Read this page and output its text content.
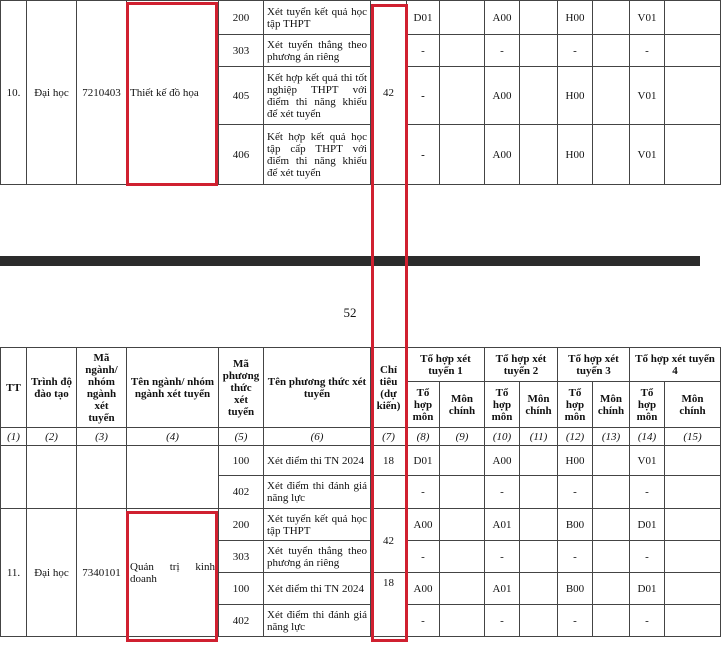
10.	Đại học	7210403	Thiết kế đồ họa	200	Xét tuyển kết quả học tập THPT	42	D01		A00		H00		V01	
				303	Xét tuyển thẳng theo phương án riêng		-		-		-		-	
				405	Kết hợp kết quả thi tốt nghiệp THPT với điểm thi năng khiếu để xét tuyển		-		A00		H00		V01	
				406	Kết hợp kết quả học tập cấp THPT với điểm thi năng khiếu để xét tuyển		-		A00		H00		V01	
52
TT	Trình độ đào tạo	Mã ngành/ nhóm ngành xét tuyển	Tên ngành/ nhóm ngành xét tuyển	Mã phương thức xét tuyển	Tên phương thức xét tuyển	Chỉ tiêu (dự kiến)	Tổ hợp xét tuyển 1		Tổ hợp xét tuyển 2		Tổ hợp xét tuyển 3		Tổ hợp xét tuyển 4	
							Tổ hợp môn	Môn chính	Tổ hợp môn	Môn chính	Tổ hợp môn	Môn chính	Tổ hợp môn	Môn chính
(1)	(2)	(3)	(4)	(5)	(6)	(7)	(8)	(9)	(10)	(11)	(12)	(13)	(14)	(15)
				100	Xét điểm thi TN 2024	18	D01		A00		H00		V01	
				402	Xét điểm thi đánh giá năng lực		-		-		-		-	
11.	Đại học	7340101	Quản trị kinh doanh	200	Xét tuyển kết quả học tập THPT	42	A00		A01		B00		D01	
				303	Xét tuyển thẳng theo phương án riêng		-		-		-		-	
				100	Xét điểm thi TN 2024	18	A00		A01		B00		D01	
				402	Xét điểm thi đánh giá năng lực		-		-		-		-	
